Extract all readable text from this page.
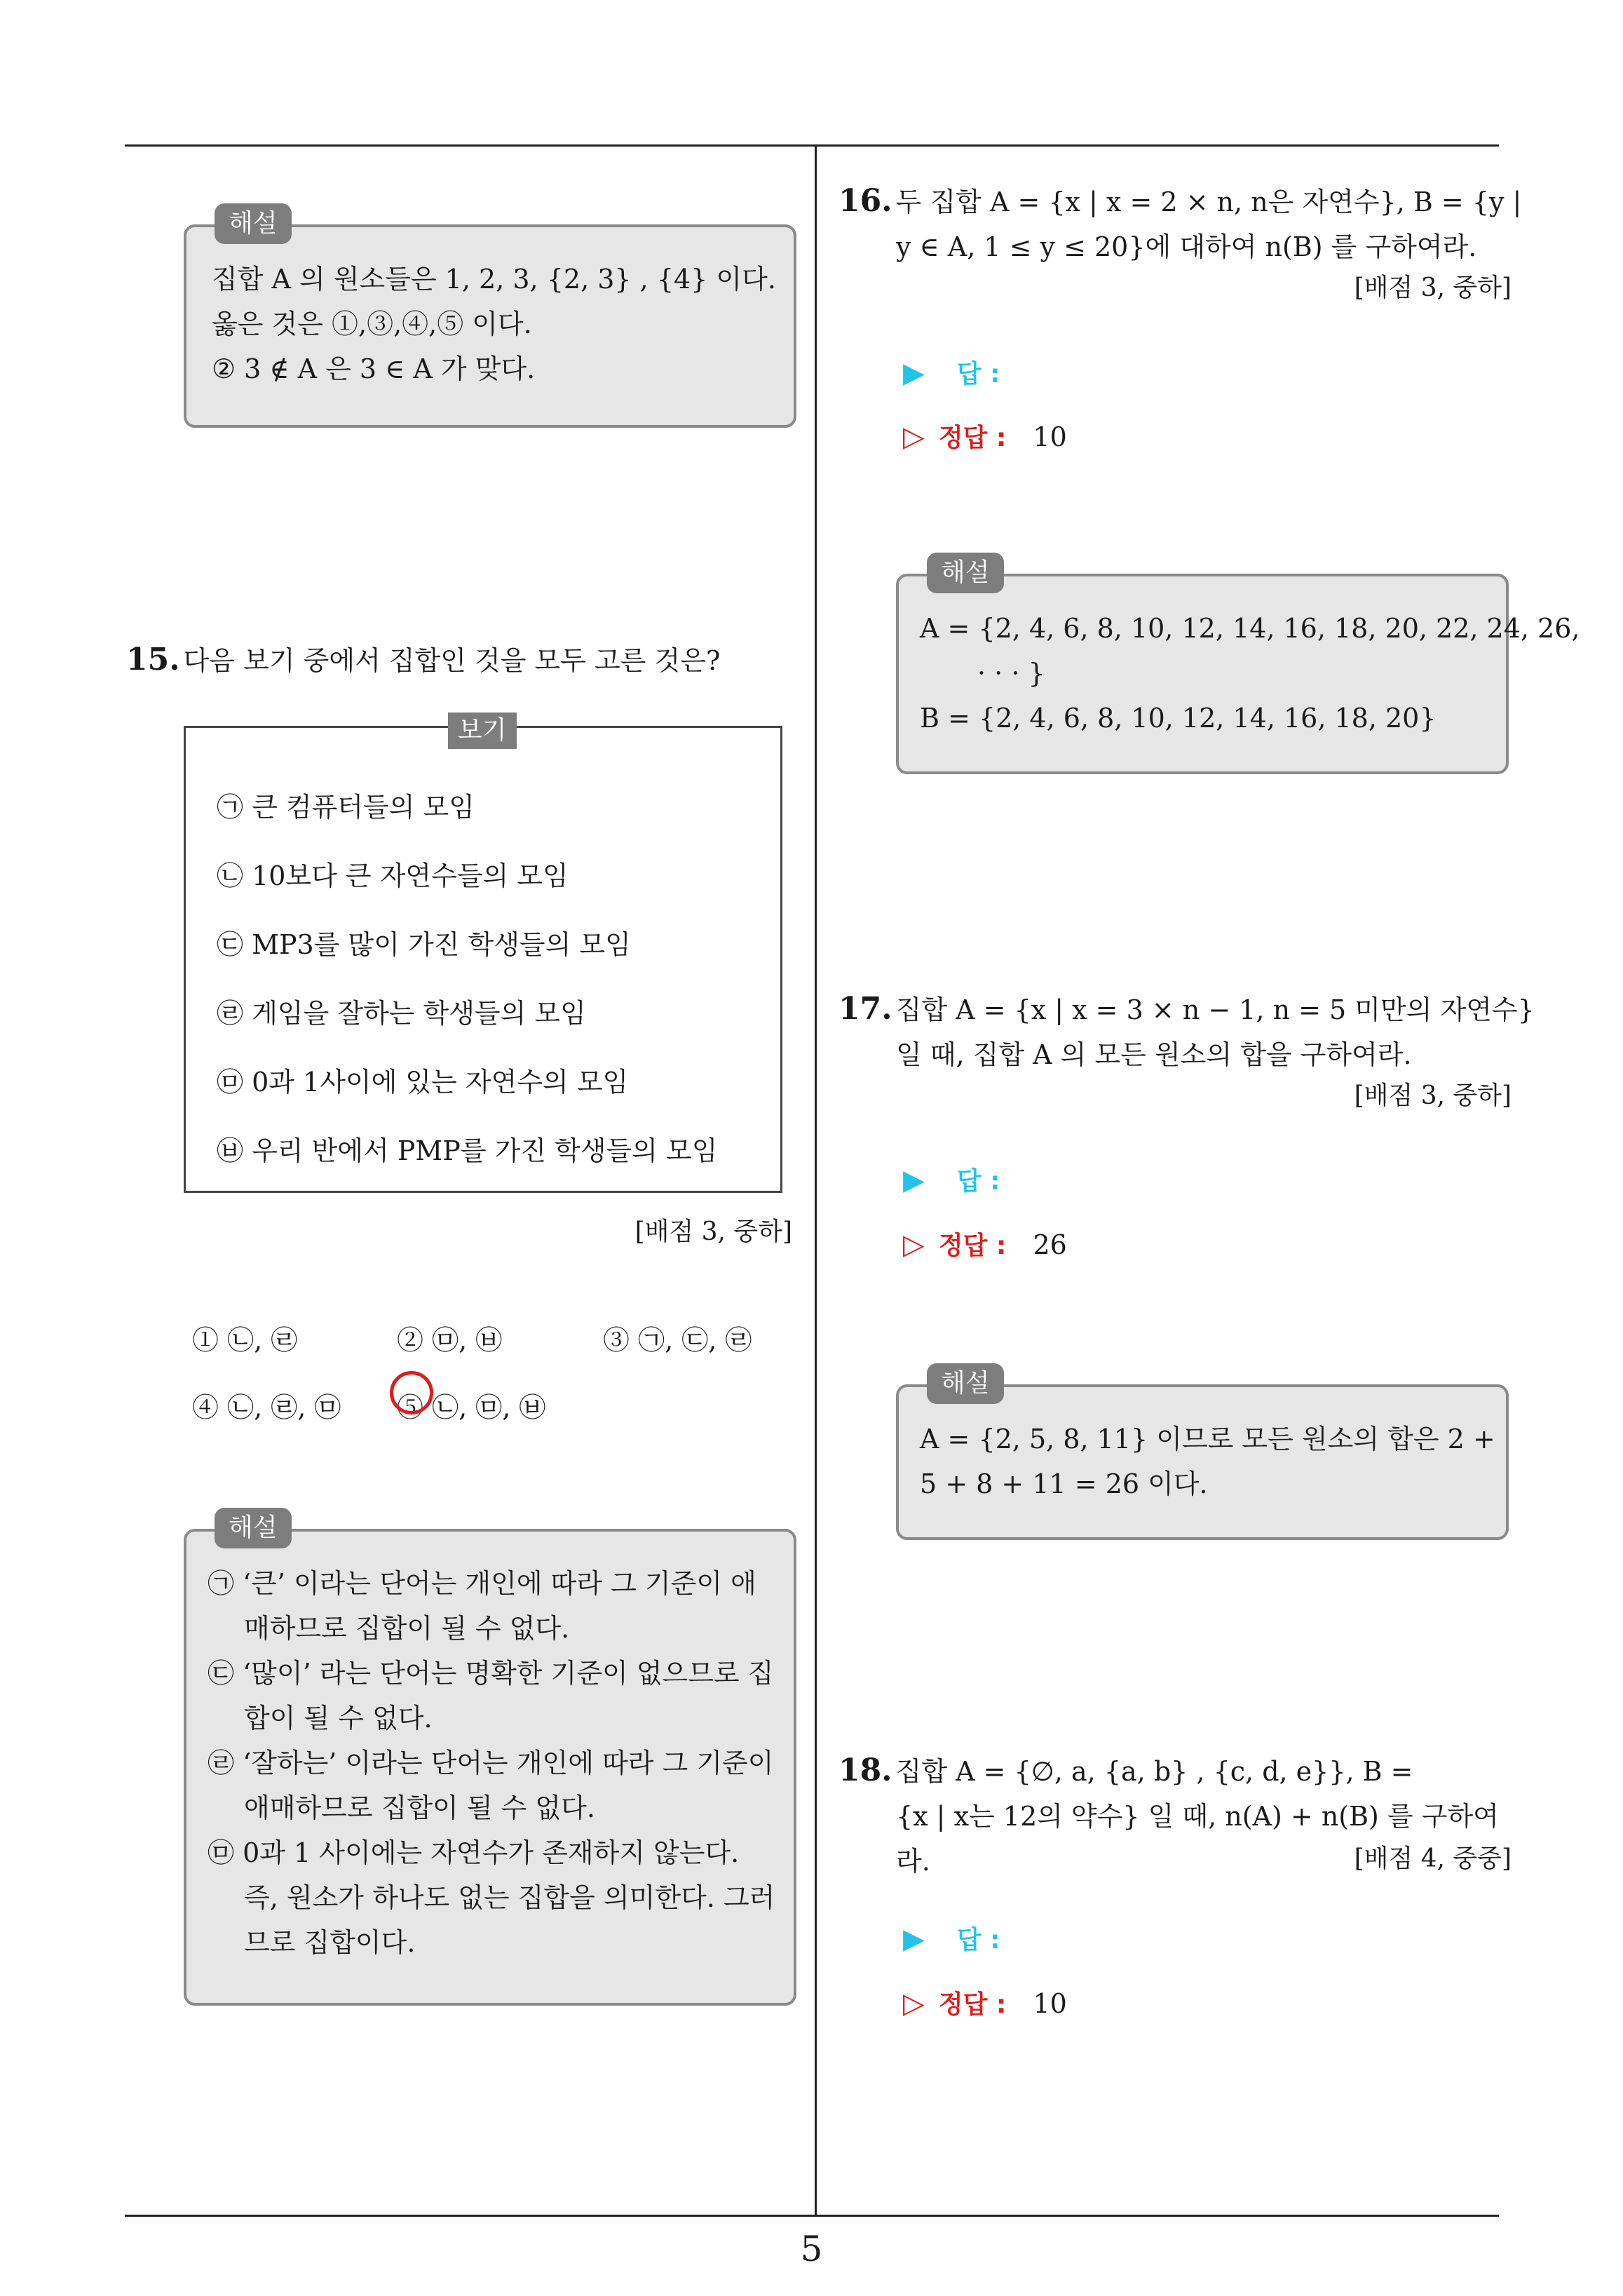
5
해설
집합 A 의 원소들은 1, 2, 3, {2, 3} , {4} 이다.
옳은 것은 ①,③,④,⑤ 이다.
② 3 ∉ A 은 3 ∈ A 가 맞다.
15. 다음 보기 중에서 집합인 것을 모두 고른 것은?
보기
㉠ 큰 컴퓨터들의 모임
㉡ 10보다 큰 자연수들의 모임
㉢ MP3를 많이 가진 학생들의 모임
㉣ 게임을 잘하는 학생들의 모임
㉤ 0과 1사이에 있는 자연수의 모임
㉥ 우리 반에서 PMP를 가진 학생들의 모임
[배점 3, 중하]
① ㉡, ㉣	② ㉤, ㉥	③ ㉠, ㉢, ㉣
④ ㉡, ㉣, ㉤ ⑤ ㉡, ㉤, ㉥
해설
㉠ ‘큰’ 이라는 단어는 개인에 따라 그 기준이 애
매하므로 집합이 될 수 없다.
㉢ ‘많이’ 라는 단어는 명확한 기준이 없으므로 집
합이 될 수 없다.
㉣ ‘잘하는’ 이라는 단어는 개인에 따라 그 기준이
애매하므로 집합이 될 수 없다.
㉤ 0과 1 사이에는 자연수가 존재하지 않는다.
즉, 원소가 하나도 없는 집합을 의미한다. 그러
므로 집합이다.
16. 두 집합 A = {x | x = 2 × n, n은 자연수}, B = {y |
y ∈ A, 1 ≤ y ≤ 20}에 대하여 n(B) 를 구하여라.
[배점 3, 중하]
▶ 답 :
▷ 정답 : 10
해설
A = {2, 4, 6, 8, 10, 12, 14, 16, 18, 20, 22, 24, 26,
· · · }
B = {2, 4, 6, 8, 10, 12, 14, 16, 18, 20}
17. 집합 A = {x | x = 3 × n − 1, n = 5 미만의 자연수}
일 때, 집합 A 의 모든 원소의 합을 구하여라.
[배점 3, 중하]
▶ 답 :
▷ 정답 : 26
해설
A = {2, 5, 8, 11} 이므로 모든 원소의 합은 2 +
5 + 8 + 11 = 26 이다.
18. 집합 A = {∅, a, {a, b} , {c, d, e}}, B =
{x | x는 12의 약수} 일 때, n(A) + n(B) 를 구하여
라.	[배점 4, 중중]
▶ 답 :
▷ 정답 : 10
